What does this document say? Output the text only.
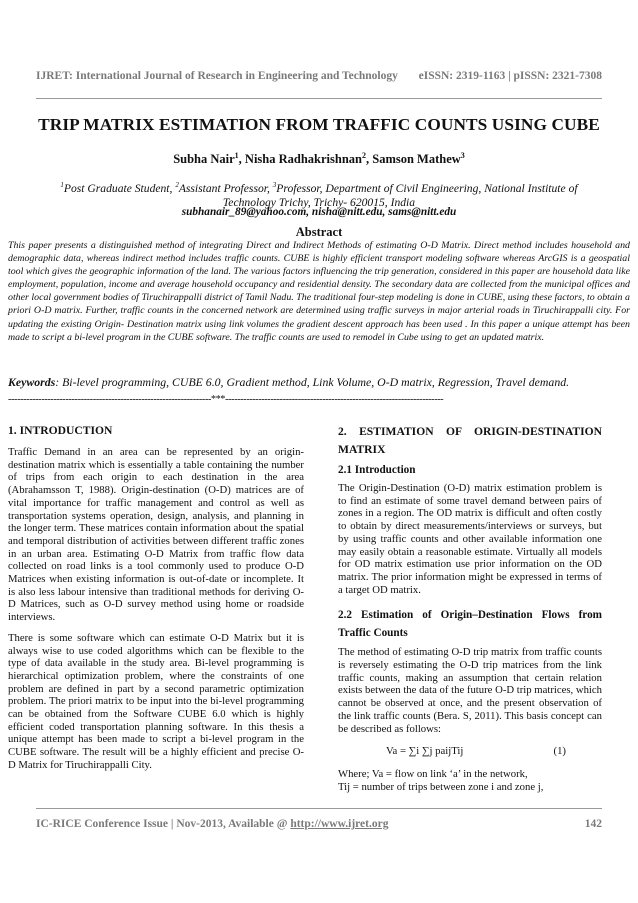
IJRET: International Journal of Research in Engineering and Technology eISSN: 2319-1163 | pISSN: 2321-7308
TRIP MATRIX ESTIMATION FROM TRAFFIC COUNTS USING CUBE
Subha Nair$^1$, Nisha Radhakrishnan$^2$, Samson Mathew$^3$
$^1$Post Graduate Student, $^2$Assistant Professor, $^3$Professor, Department of Civil Engineering, National Institute of Technology Trichy, Trichy- 620015, India
subhanair_89@yahoo.com, nisha@nitt.edu, sams@nitt.edu
Abstract
This paper presents a distinguished method of integrating Direct and Indirect Methods of estimating O-D Matrix. Direct method includes household and demographic data, whereas indirect method includes traffic counts. CUBE is highly efficient transport modeling software whereas ArcGIS is a geospatial tool which gives the geographic information of the land. The various factors influencing the trip generation, considered in this paper are household data like employment, population, income and average household occupancy and residential density. The secondary data are collected from the municipal offices and other local government bodies of Tiruchirappalli district of Tamil Nadu. The traditional four-step modeling is done in CUBE, using these factors, to obtain a priori O-D matrix. Further, traffic counts in the concerned network are determined using traffic surveys in major arterial roads in Tiruchirappalli city. For updating the existing Origin- Destination matrix using link volumes the gradient descent approach has been used . In this paper a unique attempt has been made to script a bi-level program in the CUBE software. The traffic counts are used to remodel in Cube using to get an updated matrix.
Keywords: Bi-level programming, CUBE 6.0, Gradient method, Link Volume, O-D matrix, Regression, Travel demand.
-------------------------------------------------------------------***------------------------------------------------------------------------
1. INTRODUCTION

Traffic Demand in an area can be represented by an origin-destination matrix which is essentially a table containing the number of trips from each origin to each destination in the area (Abrahamsson T, 1988). Origin-destination (O-D) matrices are of vital importance for traffic management and control as well as transportation systems operation, design, analysis, and planning in the longer term. These matrices contain information about the spatial and temporal distribution of activities between different traffic zones in an urban area. Estimating O-D Matrix from traffic flow data collected on road links is a tool commonly used to produce O-D Matrices when existing information is out-of-date or incomplete. It is also less labour intensive than traditional methods for deriving O-D Matrices, such as O-D survey method using home or roadside interviews.

There is some software which can estimate O-D Matrix but it is always wise to use coded algorithms which can be flexible to the type of data available in the study area. Bi-level programming is hierarchical optimization problem, where the constraints of one problem are defined in part by a second parametric optimization problem. The priori matrix to be input into the bi-level programming can be obtained from the Software CUBE 6.0 which is highly efficient coded transportation planning software. In this thesis a unique attempt has been made to script a bi-level program in the CUBE software. The result will be a highly efficient and precise O-D Matrix for Tiruchirappalli City.

2. ESTIMATION OF ORIGIN-DESTINATION MATRIX
2.1 Introduction

The Origin-Destination (O-D) matrix estimation problem is to find an estimate of some travel demand between pairs of zones in a region. The OD matrix is difficult and often costly to obtain by direct measurements/interviews or surveys, but by using traffic counts and other available information one may easily obtain a reasonable estimate. Virtually all models for OD matrix estimation use prior information on the OD matrix. The prior information might be expressed in terms of a target OD matrix.

2.2 Estimation of Origin–Destination Flows from Traffic Counts

The method of estimating O-D trip matrix from traffic counts is reversely estimating the O-D trip matrices from the link traffic counts, making an assumption that certain relation exists between the data of the future O-D trip matrices, which cannot be observed at once, and the present observation of the link traffic counts (Bera. S, 2011). This basis concept can be described as follows:

Va = ∑i ∑j paijTij	(1)

Where; Va = flow on link ‘a’ in the network,

Tij = number of trips between zone i and zone j,

IC-RICE Conference Issue | Nov-2013, Available @ http://www.ijret.org	142
